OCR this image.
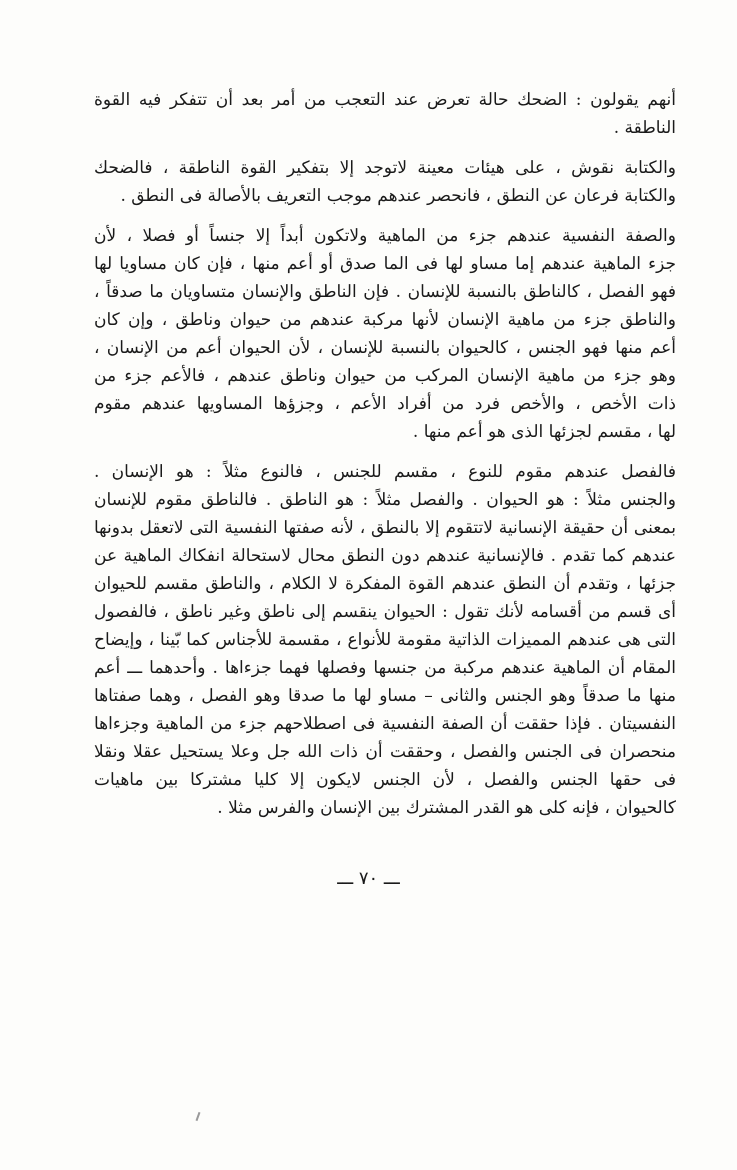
أنهم يقولون : الضحك حالة تعرض عند التعجب من أمر بعد أن تتفكر فيه القوة
الناطقة .
والكتابة نقوش ، على هيئات معينة لاتوجد إلا بتفكير القوة الناطقة ، فالضحك
والكتابة فرعان عن النطق ، فانحصر عندهم موجب التعريف بالأصالة فى النطق .
والصفة النفسية عندهم جزء من الماهية ولاتكون أبداً إلا جنساً أو فصلا ، لأن
جزء الماهية عندهم إما مساو لها فى الما صدق أو أعم منها ، فإن كان مساويا لها
فهو الفصل ، كالناطق بالنسبة للإنسان . فإن الناطق والإنسان متساويان ما صدقاً ،
والناطق جزء من ماهية الإنسان لأنها مركبة عندهم من حيوان وناطق ، وإن كان
أعم منها فهو الجنس ، كالحيوان بالنسبة للإنسان ، لأن الحيوان أعم من الإنسان ،
وهو جزء من ماهية الإنسان المركب من حيوان وناطق عندهم ، فالأعم جزء من
ذات الأخص ، والأخص فرد من أفراد الأعم ، وجزؤها المساويها عندهم مقوم
لها ، مقسم لجزئها الذى هو أعم منها .
فالفصل عندهم مقوم للنوع ، مقسم للجنس ، فالنوع مثلاً : هو الإنسان .
والجنس مثلاً : هو الحيوان . والفصل مثلاً : هو الناطق . فالناطق مقوم للإنسان
بمعنى أن حقيقة الإنسانية لاتتقوم إلا بالنطق ، لأنه صفتها النفسية التى لاتعقل بدونها
عندهم كما تقدم . فالإنسانية عندهم دون النطق محال لاستحالة انفكاك الماهية عن
جزئها ، وتقدم أن النطق عندهم القوة المفكرة لا الكلام ، والناطق مقسم للحيوان
أى قسم من أقسامه لأنك تقول : الحيوان ينقسم إلى ناطق وغير ناطق ، فالفصول
التى هى عندهم المميزات الذاتية مقومة للأنواع ، مقسمة للأجناس كما بّينا ، وإيضاح
المقام أن الماهية عندهم مركبة من جنسها وفصلها فهما جزءاها . وأحدهما ـــ أعم
منها ما صدقاً وهو الجنس والثانى – مساو لها ما صدقا وهو الفصل ، وهما صفتاها
النفسيتان . فإذا حققت أن الصفة النفسية فى اصطلاحهم جزء من الماهية وجزءاها
منحصران فى الجنس والفصل ، وحققت أن ذات الله جل وعلا يستحيل عقلا ونقلا
فى حقها الجنس والفصل ، لأن الجنس لايكون إلا كليا مشتركا بين ماهيات
كالحيوان ، فإنه كلى هو القدر المشترك بين الإنسان والفرس مثلا .
ـــ ٧٠ ـــ
